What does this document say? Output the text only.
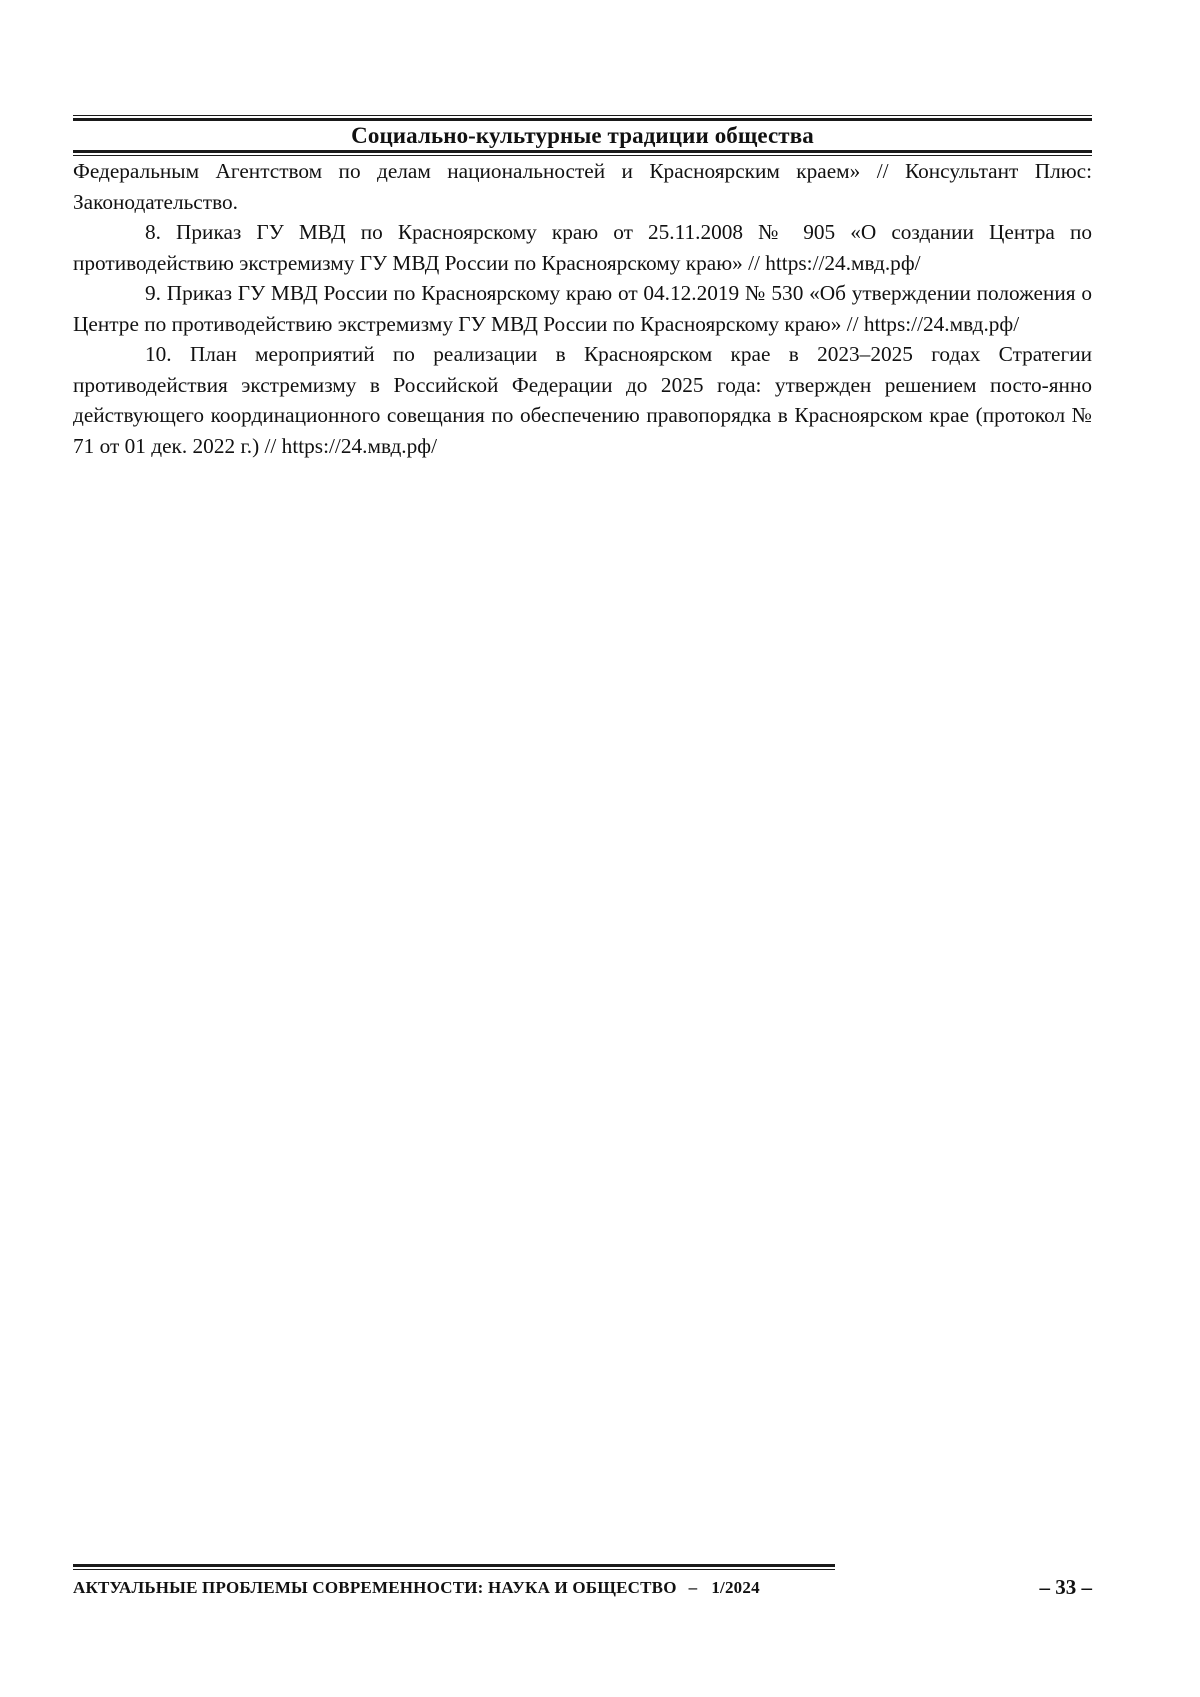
Социально-культурные традиции общества

Федеральным Агентством по делам национальностей и Красноярским краем» // Консультант Плюс: Законодательство.

8. Приказ ГУ МВД по Красноярскому краю от 25.11.2008 № 905 «О создании Центра по противодействию экстремизму ГУ МВД России по Красноярскому краю» // https://24.мвд.рф/

9. Приказ ГУ МВД России по Красноярскому краю от 04.12.2019 № 530 «Об утверждении положения о Центре по противодействию экстремизму ГУ МВД России по Красноярскому краю» // https://24.мвд.рф/

10. План мероприятий по реализации в Красноярском крае в 2023–2025 годах Стратегии противодействия экстремизму в Российской Федерации до 2025 года: утвержден решением посто-янно действующего координационного совещания по обеспечению правопорядка в Красноярском крае (протокол № 71 от 01 дек. 2022 г.) // https://24.мвд.рф/

АКТУАЛЬНЫЕ ПРОБЛЕМЫ СОВРЕМЕННОСТИ: НАУКА И ОБЩЕСТВО – 1/2024	– 33 –
